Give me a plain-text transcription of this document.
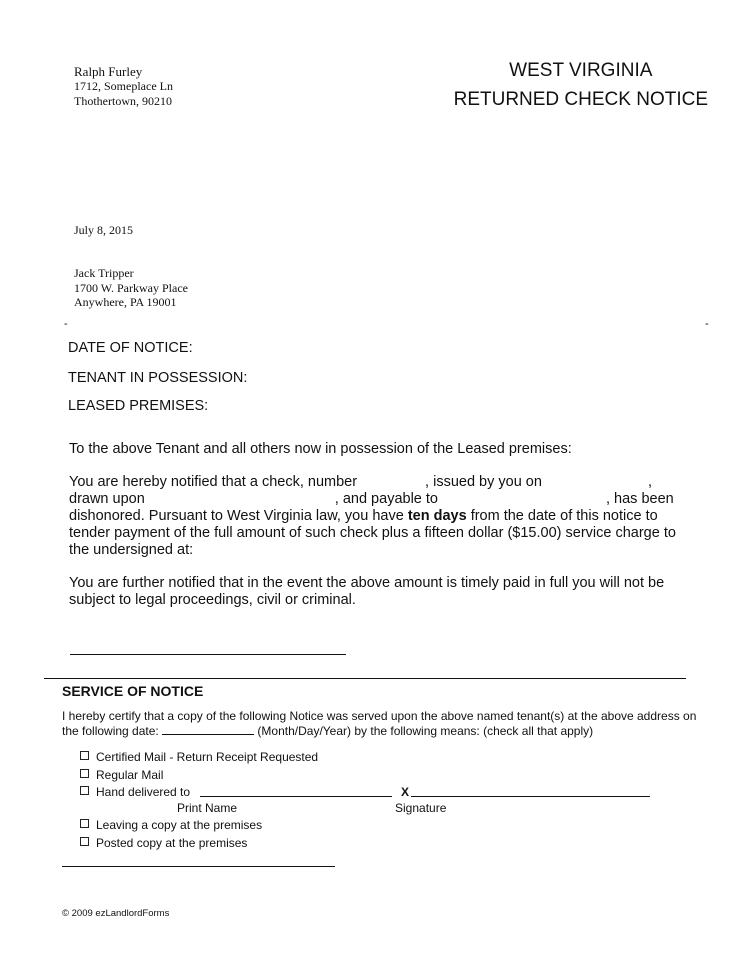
Ralph Furley
1712, Someplace Ln
Thothertown, 90210
WEST VIRGINIA
RETURNED CHECK NOTICE
July 8, 2015
Jack Tripper
1700 W. Parkway Place
Anywhere, PA 19001
-	-
DATE OF NOTICE:
TENANT IN POSSESSION:
LEASED PREMISES:
To the above Tenant and all others now in possession of the Leased premises:
You are hereby notified that a check, number	, issued by you on	,
drawn upon	, and payable to	, has been
dishonored. Pursuant to West Virginia law, you have ten days from the date of this notice to tender payment of the full amount of such check plus a fifteen dollar ($15.00) service charge to the undersigned at:
You are further notified that in the event the above amount is timely paid in full you will not be subject to legal proceedings, civil or criminal.
SERVICE OF NOTICE
I hereby certify that a copy of the following Notice was served upon the above named tenant(s) at the above address on the following date:	(Month/Day/Year) by the following means: (check all that apply)
Certified Mail - Return Receipt Requested
Regular Mail
Hand delivered to	X
Print Name	Signature
Leaving a copy at the premises
Posted copy at the premises
© 2009 ezLandlordForms
